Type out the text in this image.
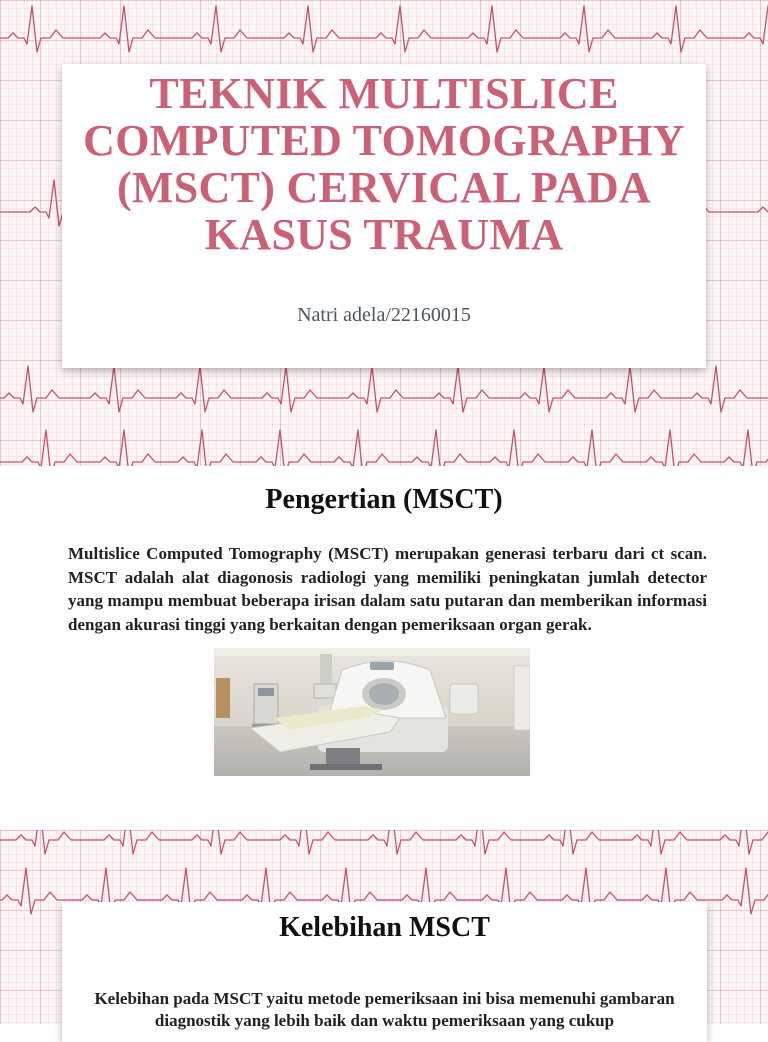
TEKNIK MULTISLICE COMPUTED TOMOGRAPHY (MSCT) CERVICAL PADA KASUS TRAUMA
Natri adela/22160015
Pengertian (MSCT)

Multislice Computed Tomography (MSCT) merupakan generasi terbaru dari ct scan. MSCT adalah alat diagonosis radiologi yang memiliki peningkatan jumlah detector yang mampu membuat beberapa irisan dalam satu putaran dan memberikan informasi dengan akurasi tinggi yang berkaitan dengan pemeriksaan organ gerak.

Kelebihan MSCT

Kelebihan pada MSCT yaitu metode pemeriksaan ini bisa memenuhi gambaran diagnostik yang lebih baik dan waktu pemeriksaan yang cukup
